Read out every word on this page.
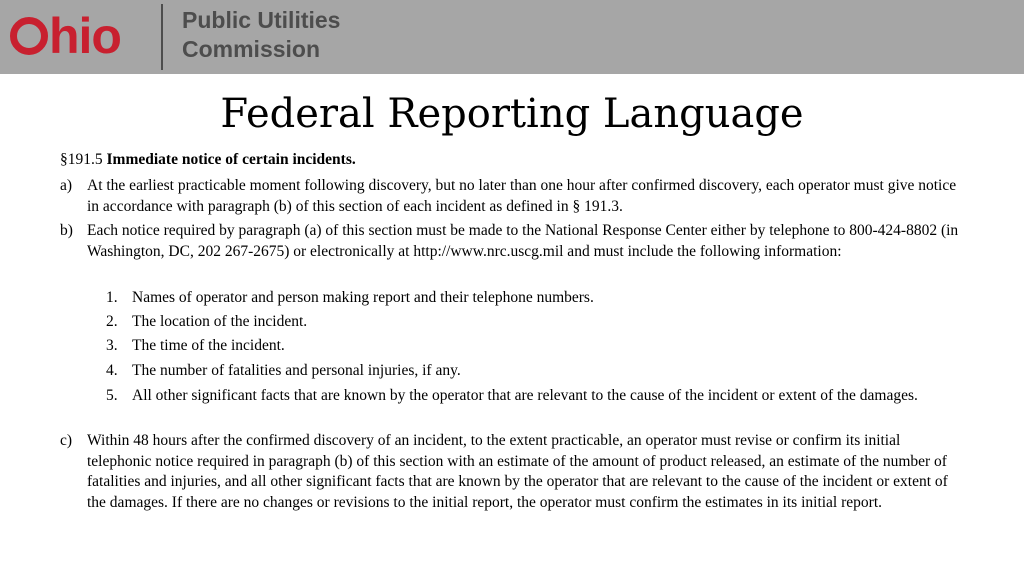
hio	Public Utilities
Commission
Federal Reporting Language
§191.5 Immediate notice of certain incidents.
a) At the earliest practicable moment following discovery, but no later than one hour after confirmed discovery, each operator must give notice in accordance with paragraph (b) of this section of each incident as defined in § 191.3.
b) Each notice required by paragraph (a) of this section must be made to the National Response Center either by telephone to 800-424-8802 (in Washington, DC, 202 267-2675) or electronically at http://www.nrc.uscg.mil and must include the following information:
1. Names of operator and person making report and their telephone numbers.
2. The location of the incident.
3. The time of the incident.
4. The number of fatalities and personal injuries, if any.
5. All other significant facts that are known by the operator that are relevant to the cause of the incident or extent of the damages.
c) Within 48 hours after the confirmed discovery of an incident, to the extent practicable, an operator must revise or confirm its initial telephonic notice required in paragraph (b) of this section with an estimate of the amount of product released, an estimate of the number of fatalities and injuries, and all other significant facts that are known by the operator that are relevant to the cause of the incident or extent of the damages. If there are no changes or revisions to the initial report, the operator must confirm the estimates in its initial report.
